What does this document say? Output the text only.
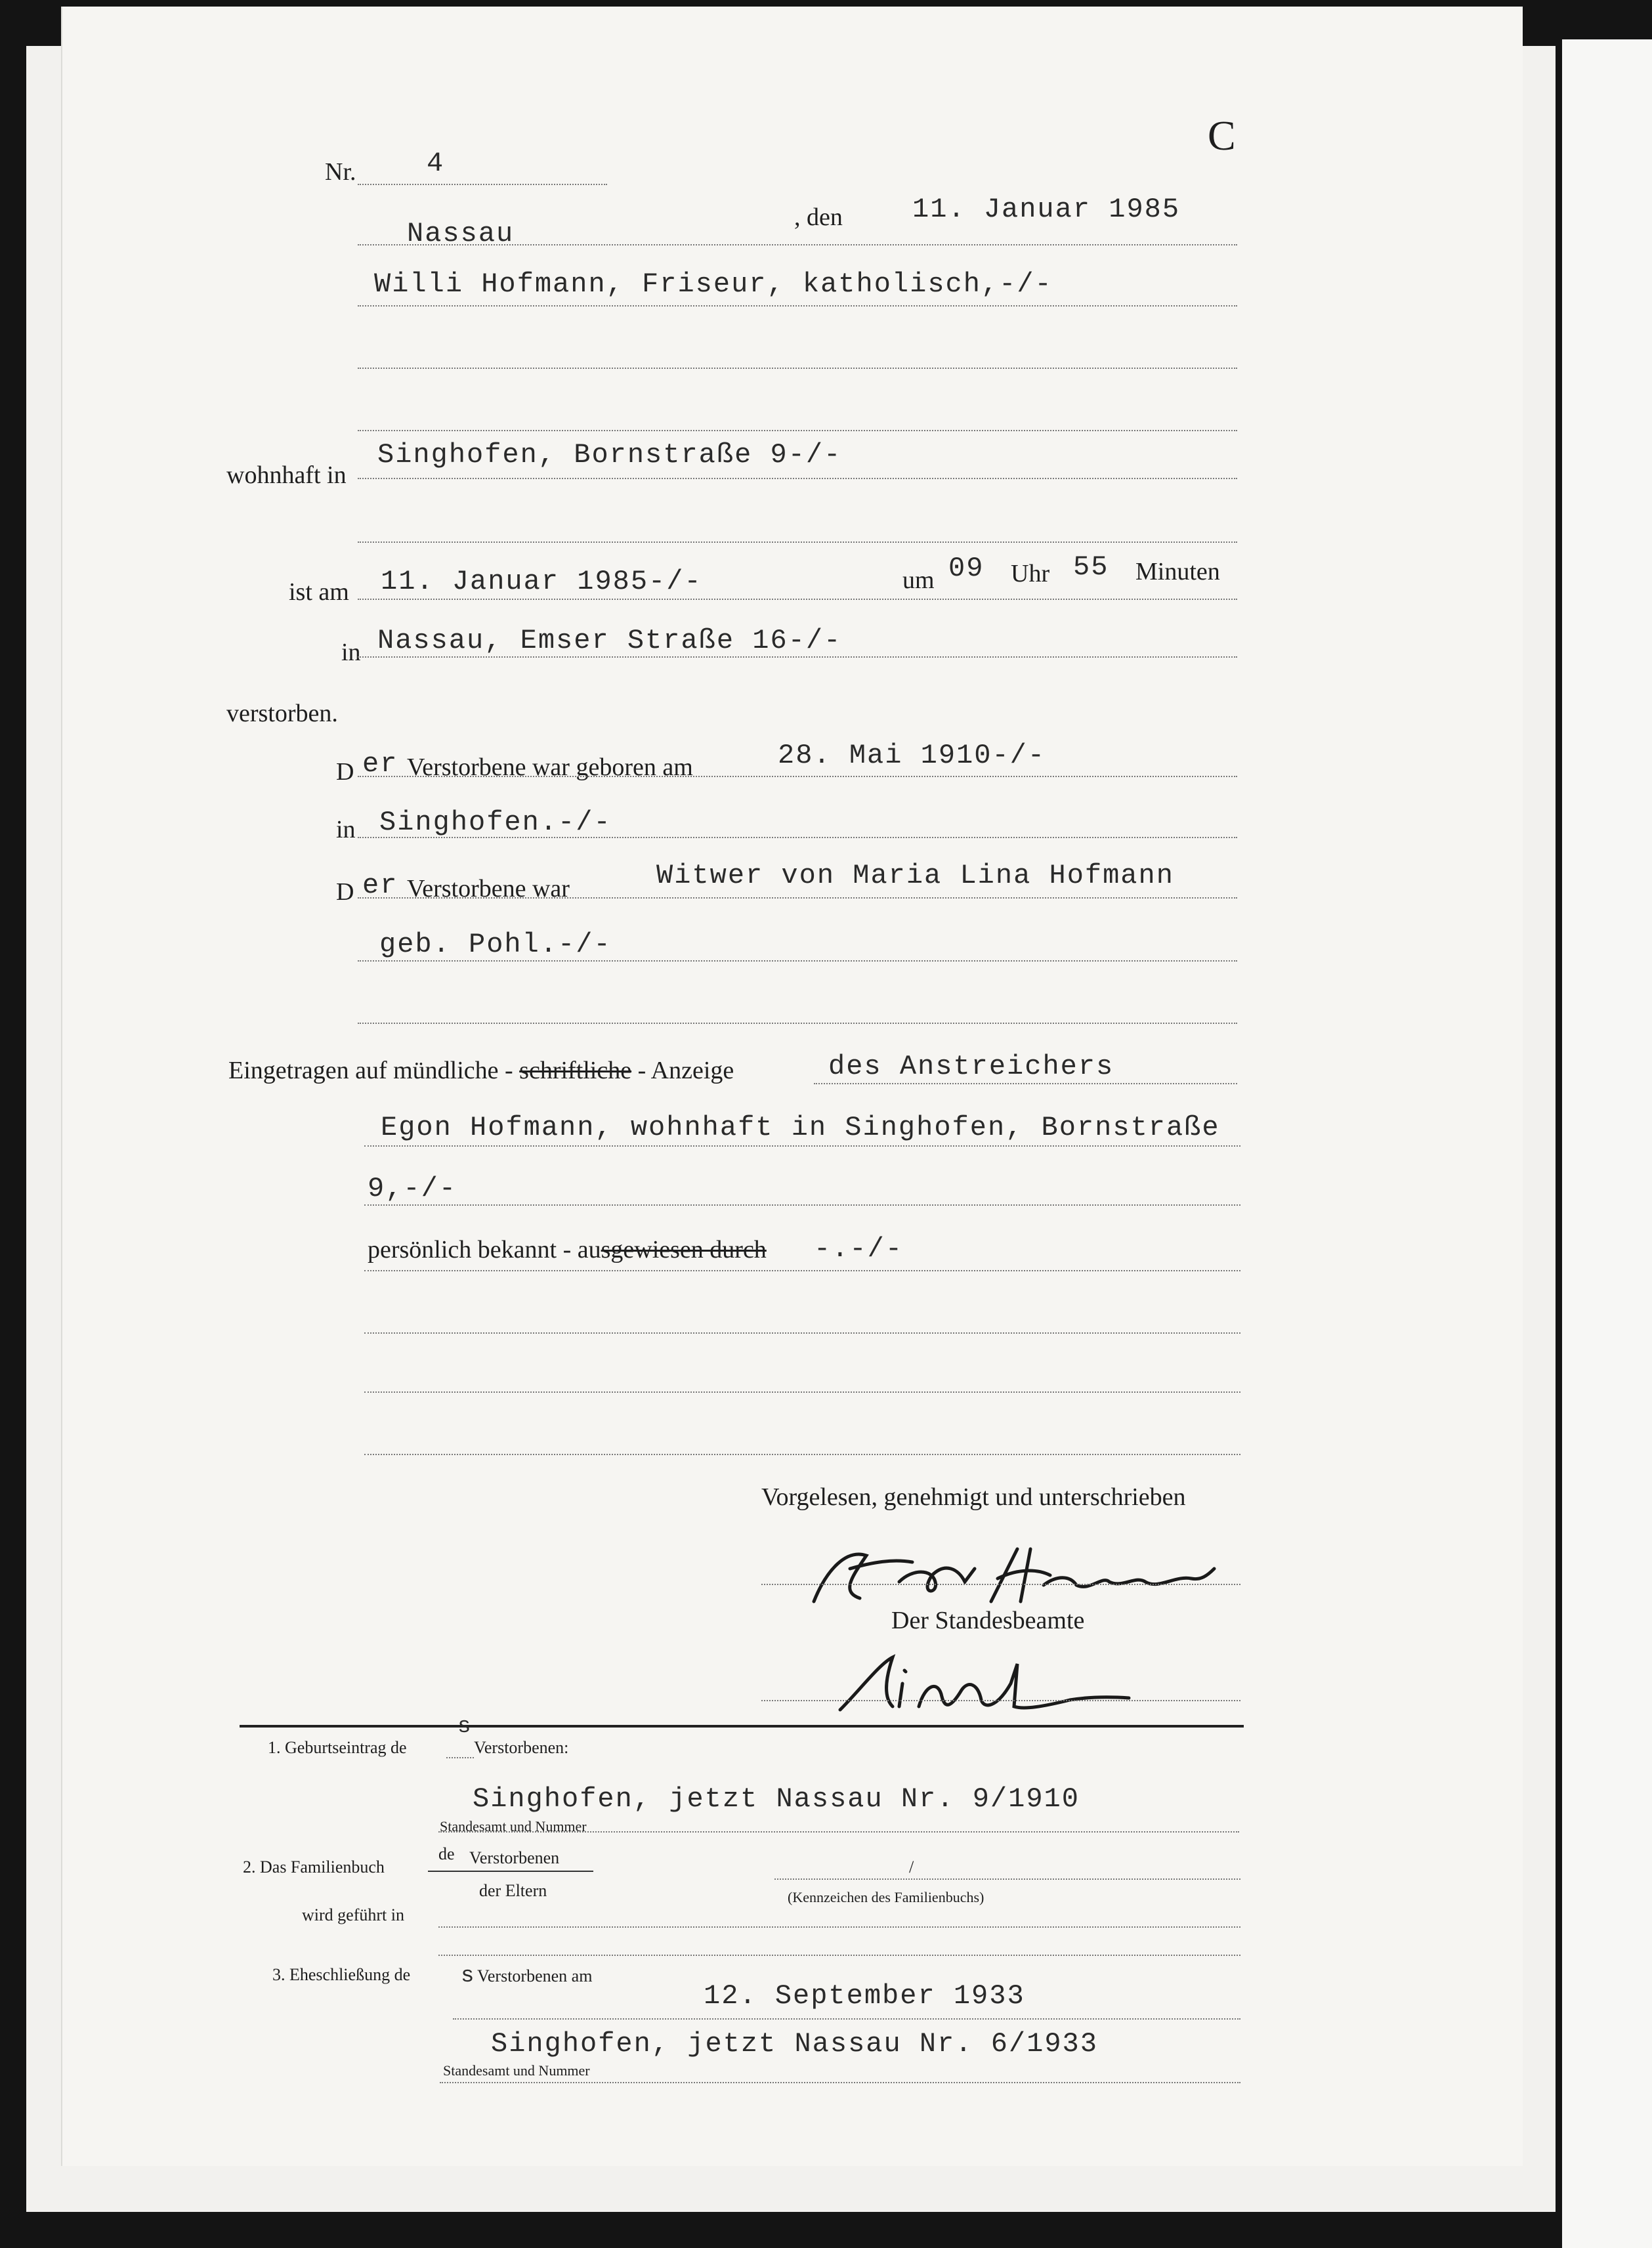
C
Nr.	4
Nassau
, den	11. Januar 1985
Willi Hofmann, Friseur, katholisch,-/-
wohnhaft in
Singhofen, Bornstraße 9-/-
ist am 11. Januar 1985-/-	um 09 Uhr 55 Minuten
in Nassau, Emser Straße 16-/-
verstorben.
D er Verstorbene war geboren am	28. Mai 1910-/-
in Singhofen.-/-
D er Verstorbene war	Witwer von Maria Lina Hofmann
geb. Pohl.-/-
Eingetragen auf mündliche - schriftliche - Anzeige	des Anstreichers
Egon Hofmann, wohnhaft in Singhofen, Bornstraße
9,-/-
persönlich bekannt - ausgewiesen durch -.-/-
Vorgelesen, genehmigt und unterschrieben
Der Standesbeamte
1. Geburtseintrag de
s
Verstorbenen:
Singhofen, jetzt Nassau Nr. 9/1910
Standesamt und Nummer
2. Das Familienbuch
de Verstorbenen
der Eltern
/
(Kennzeichen des Familienbuchs)
wird geführt in
3. Eheschließung de s Verstorbenen am
12. September 1933
Singhofen, jetzt Nassau Nr. 6/1933
Standesamt und Nummer
